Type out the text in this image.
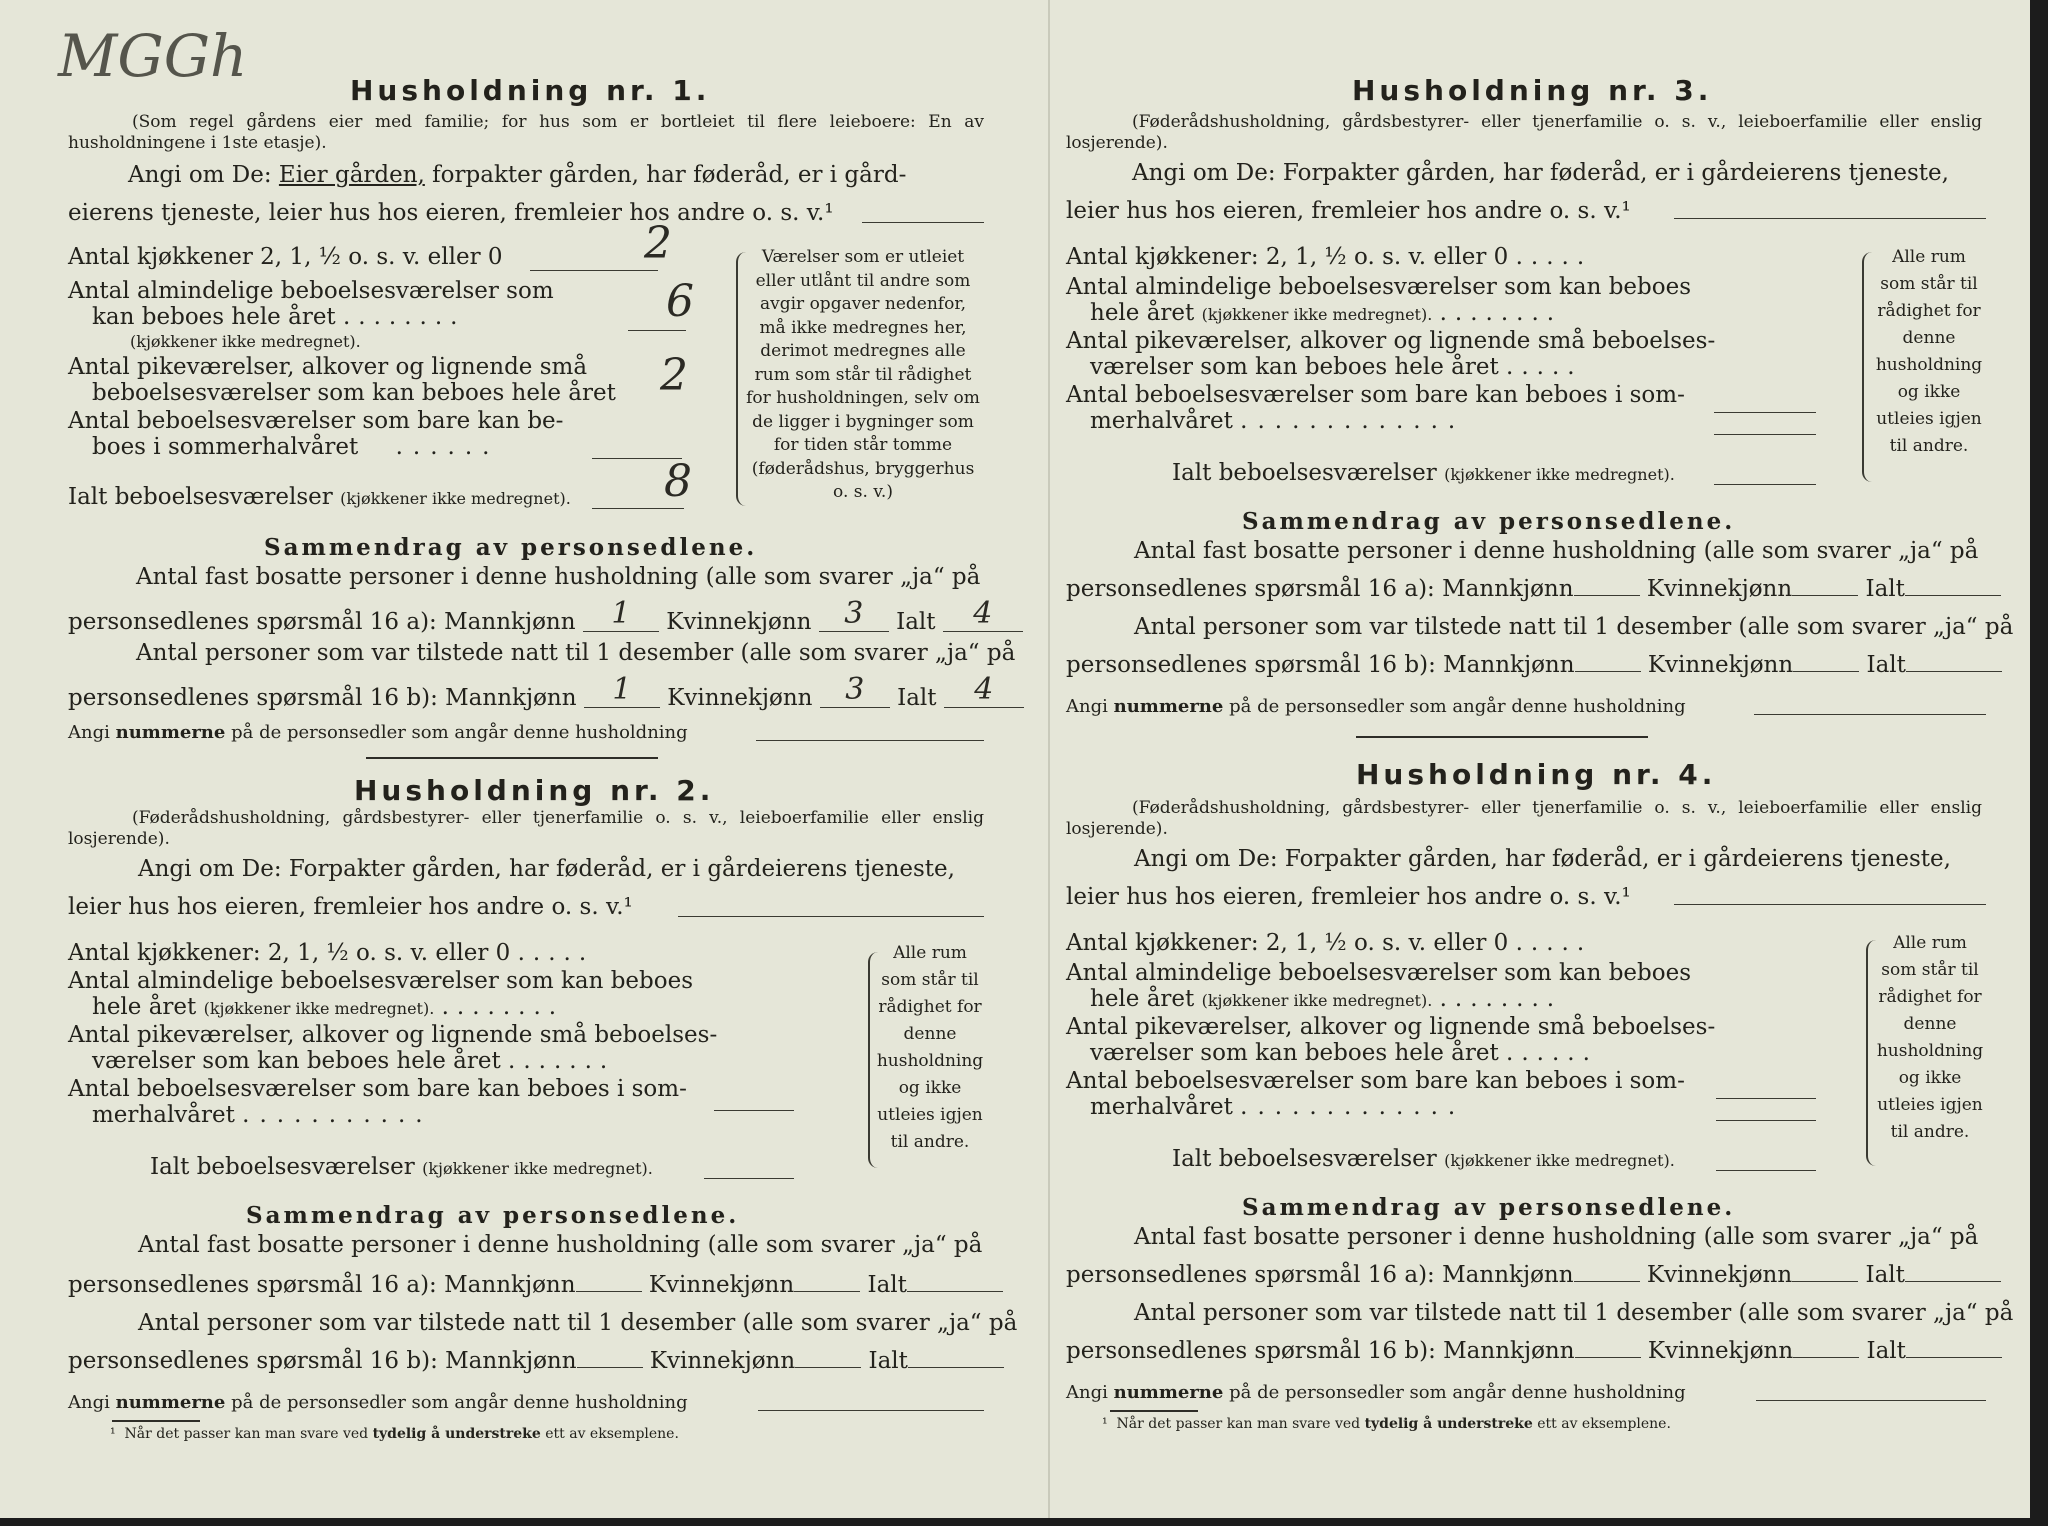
MGGh
Husholdning nr. 1.
(Som regel gårdens eier med familie; for hus som er bortleiet til flere leieboere: En av husholdningene i 1ste etasje).
Angi om De: Eier gården, forpakter gården, har føderåd, er i gård-
eierens tjeneste, leier hus hos eieren, fremleier hos andre o. s. v.¹
Antal kjøkkener 2, 1, ½ o. s. v. eller 0	2
Antal almindelige beboelsesværelser som
kan beboes hele året ........
(kjøkkener ikke medregnet).
6
Antal pikeværelser, alkover og lignende små
beboelsesværelser som kan beboes hele året 2
Antal beboelsesværelser som bare kan be-
boes i sommerhalvåret ......
Ialt beboelsesværelser (kjøkkener ikke medregnet). 8
Værelser som er utleiet eller utlånt til andre som avgir opgaver nedenfor, må ikke medregnes her, derimot medregnes alle rum som står til rådighet for husholdningen, selv om de ligger i bygninger som for tiden står tomme (føderådshus, bryggerhus o. s. v.)
Sammendrag av personsedlene.
Antal fast bosatte personer i denne husholdning (alle som svarer „ja“ på
personsedlenes spørsmål 16 a): Mannkjønn 1 Kvinnekjønn 3 Ialt 4
Antal personer som var tilstede natt til 1 desember (alle som svarer „ja“ på
personsedlenes spørsmål 16 b): Mannkjønn 1 Kvinnekjønn 3 Ialt 4
Angi nummerne på de personsedler som angår denne husholdning
Husholdning nr. 2.
(Føderådshusholdning, gårdsbestyrer- eller tjenerfamilie o. s. v., leieboerfamilie eller enslig losjerende).
Angi om De: Forpakter gården, har føderåd, er i gårdeierens tjeneste,
leier hus hos eieren, fremleier hos andre o. s. v.¹
Antal kjøkkener: 2, 1, ½ o. s. v. eller 0 .....
Antal almindelige beboelsesværelser som kan beboes
hele året (kjøkkener ikke medregnet). ........
Antal pikeværelser, alkover og lignende små beboelses-
værelser som kan beboes hele året .......
Antal beboelsesværelser som bare kan beboes i som-
merhalvåret ...........
Ialt beboelsesværelser (kjøkkener ikke medregnet).
Alle rum som står til rådighet for denne husholdning og ikke utleies igjen til andre.
Sammendrag av personsedlene.
Antal fast bosatte personer i denne husholdning (alle som svarer „ja“ på
personsedlenes spørsmål 16 a): Mannkjønn	Kvinnekjønn	Ialt
Antal personer som var tilstede natt til 1 desember (alle som svarer „ja“ på
personsedlenes spørsmål 16 b): Mannkjønn	Kvinnekjønn	Ialt
Angi nummerne på de personsedler som angår denne husholdning
¹ Når det passer kan man svare ved tydelig å understreke ett av eksemplene.
Husholdning nr. 3.
(Føderådshusholdning, gårdsbestyrer- eller tjenerfamilie o. s. v., leieboerfamilie eller enslig losjerende).
Angi om De: Forpakter gården, har føderåd, er i gårdeierens tjeneste,
leier hus hos eieren, fremleier hos andre o. s. v.¹
Antal kjøkkener: 2, 1, ½ o. s. v. eller 0 .....
Antal almindelige beboelsesværelser som kan beboes
hele året (kjøkkener ikke medregnet). ........
Antal pikeværelser, alkover og lignende små beboelses-
værelser som kan beboes hele året .....
Antal beboelsesværelser som bare kan beboes i som-
merhalvåret .............
Ialt beboelsesværelser (kjøkkener ikke medregnet).
Alle rum som står til rådighet for denne husholdning og ikke utleies igjen til andre.
Sammendrag av personsedlene.
Antal fast bosatte personer i denne husholdning (alle som svarer „ja“ på
personsedlenes spørsmål 16 a): Mannkjønn	Kvinnekjønn	Ialt
Antal personer som var tilstede natt til 1 desember (alle som svarer „ja“ på
personsedlenes spørsmål 16 b): Mannkjønn	Kvinnekjønn	Ialt
Angi nummerne på de personsedler som angår denne husholdning
Husholdning nr. 4.
(Føderådshusholdning, gårdsbestyrer- eller tjenerfamilie o. s. v., leieboerfamilie eller enslig losjerende).
Angi om De: Forpakter gården, har føderåd, er i gårdeierens tjeneste,
leier hus hos eieren, fremleier hos andre o. s. v.¹
Antal kjøkkener: 2, 1, ½ o. s. v. eller 0 .....
Antal almindelige beboelsesværelser som kan beboes
hele året (kjøkkener ikke medregnet). ........
Antal pikeværelser, alkover og lignende små beboelses-
værelser som kan beboes hele året ......
Antal beboelsesværelser som bare kan beboes i som-
merhalvåret .............
Ialt beboelsesværelser (kjøkkener ikke medregnet).
Alle rum som står til rådighet for denne husholdning og ikke utleies igjen til andre.
Sammendrag av personsedlene.
Antal fast bosatte personer i denne husholdning (alle som svarer „ja“ på
personsedlenes spørsmål 16 a): Mannkjønn	Kvinnekjønn	Ialt
Antal personer som var tilstede natt til 1 desember (alle som svarer „ja“ på
personsedlenes spørsmål 16 b): Mannkjønn	Kvinnekjønn	Ialt
Angi nummerne på de personsedler som angår denne husholdning
¹ Når det passer kan man svare ved tydelig å understreke ett av eksemplene.
